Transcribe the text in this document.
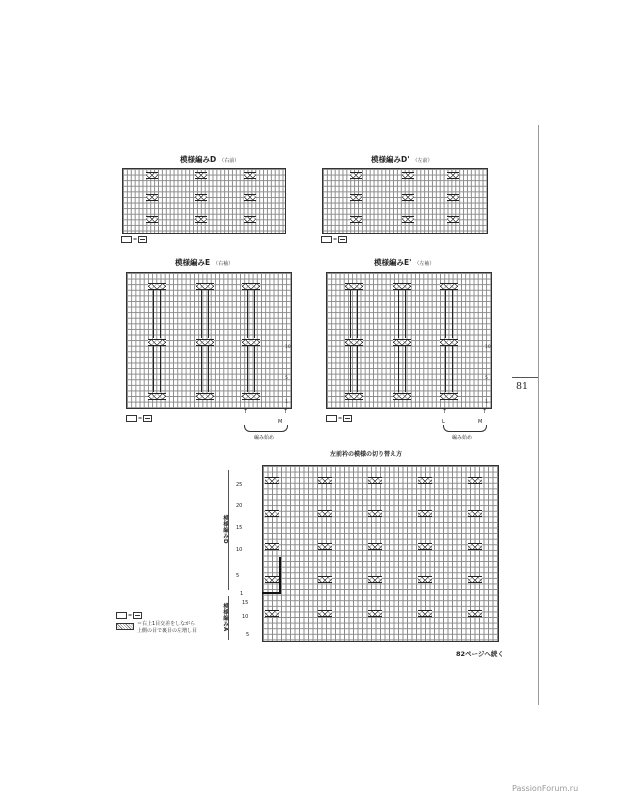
模様編みD （右前）
=
模様編みD' （左前）
=
模様編みE （右袖）
10
5
1
=
↑	↑
M
編み始め
模様編みE' （左袖）
10
5
1
=
↑	↑
L	M
編み始め
81
左前衿の模様の切り替え方
25
20
15
10
5
1
15
10
5
模様編みD
模様編みA
=
＝右上1目交差をしながら
上側の目で裏目の左増し目
82ページへ続く
PassionForum.ru
